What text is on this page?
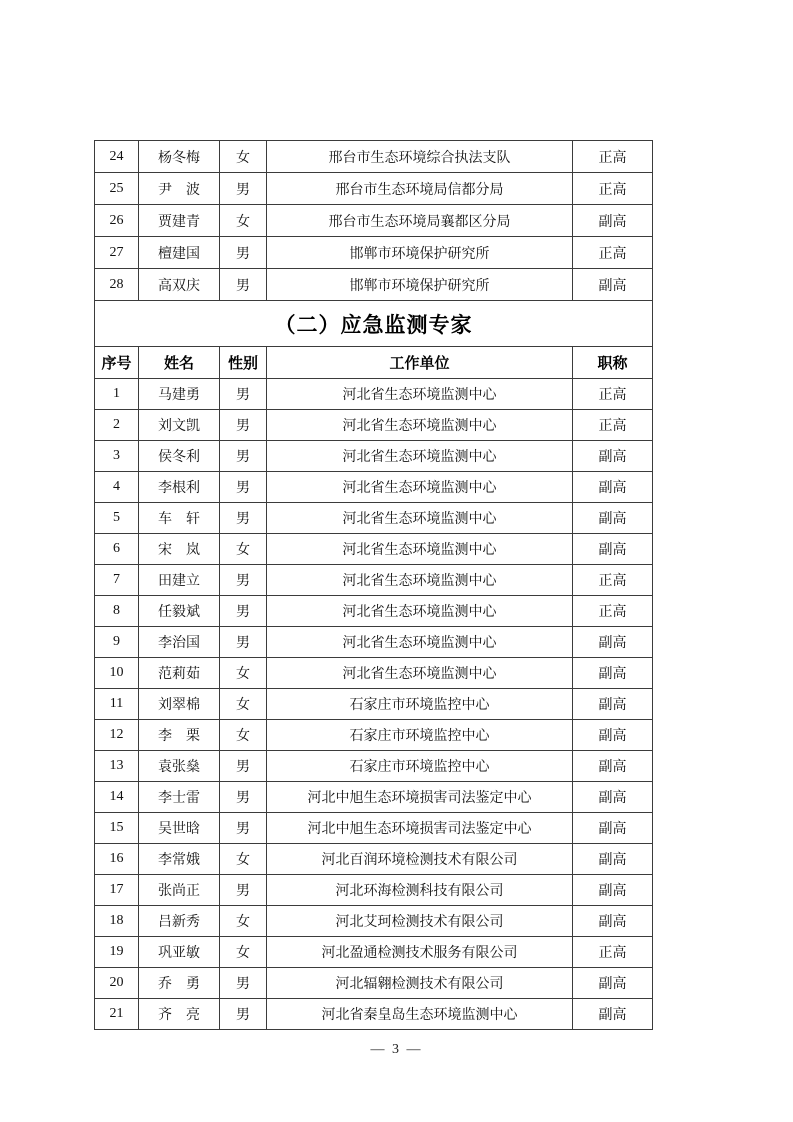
24	杨冬梅	女	邢台市生态环境综合执法支队	正高
25	尹　波	男	邢台市生态环境局信都分局	正高
26	贾建青	女	邢台市生态环境局襄都区分局	副高
27	檀建国	男	邯郸市环境保护研究所	正高
28	高双庆	男	邯郸市环境保护研究所	副高
（二）应急监测专家				
序号	姓名	性别	工作单位	职称
1	马建勇	男	河北省生态环境监测中心	正高
2	刘文凯	男	河北省生态环境监测中心	正高
3	侯冬利	男	河北省生态环境监测中心	副高
4	李根利	男	河北省生态环境监测中心	副高
5	车　轩	男	河北省生态环境监测中心	副高
6	宋　岚	女	河北省生态环境监测中心	副高
7	田建立	男	河北省生态环境监测中心	正高
8	任毅斌	男	河北省生态环境监测中心	正高
9	李治国	男	河北省生态环境监测中心	副高
10	范莉茹	女	河北省生态环境监测中心	副高
11	刘翠棉	女	石家庄市环境监控中心	副高
12	李　栗	女	石家庄市环境监控中心	副高
13	袁张燊	男	石家庄市环境监控中心	副高
14	李士雷	男	河北中旭生态环境损害司法鉴定中心	副高
15	吴世晗	男	河北中旭生态环境损害司法鉴定中心	副高
16	李常娥	女	河北百润环境检测技术有限公司	副高
17	张尚正	男	河北环海检测科技有限公司	副高
18	吕新秀	女	河北艾珂检测技术有限公司	副高
19	巩亚敏	女	河北盈通检测技术服务有限公司	正高
20	乔　勇	男	河北辐翱检测技术有限公司	副高
21	齐　亮	男	河北省秦皇岛生态环境监测中心	副高
— 3 —
